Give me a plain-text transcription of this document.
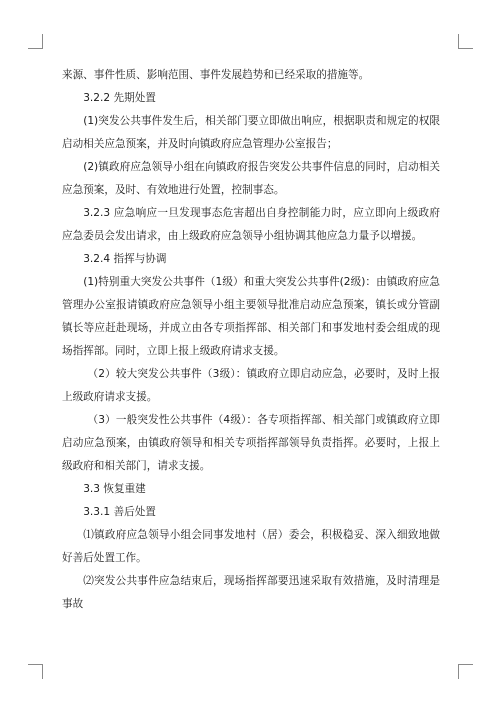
来源、事件性质、影响范围、事件发展趋势和已经采取的措施等。

3.2.2 先期处置

(1)突发公共事件发生后，相关部门要立即做出响应，根据职责和规定的权限启动相关应急预案，并及时向镇政府应急管理办公室报告；

(2)镇政府应急领导小组在向镇政府报告突发公共事件信息的同时，启动相关应急预案，及时、有效地进行处置，控制事态。

3.2.3 应急响应一旦发现事态危害超出自身控制能力时，应立即向上级政府应急委员会发出请求，由上级政府应急领导小组协调其他应急力量予以增援。

3.2.4 指挥与协调

(1)特别重大突发公共事件（1级）和重大突发公共事件(2级)：由镇政府应急管理办公室报请镇政府应急领导小组主要领导批准启动应急预案，镇长或分管副镇长等应赶赴现场，并成立由各专项指挥部、相关部门和事发地村委会组成的现场指挥部。同时，立即上报上级政府请求支援。

（2）较大突发公共事件（3级）：镇政府立即启动应急，必要时，及时上报上级政府请求支援。

（3）一般突发性公共事件（4级）：各专项指挥部、相关部门或镇政府立即启动应急预案，由镇政府领导和相关专项指挥部领导负责指挥。必要时，上报上级政府和相关部门，请求支援。

3.3 恢复重建

3.3.1 善后处置

⑴镇政府应急领导小组会同事发地村（居）委会，积极稳妥、深入细致地做好善后处置工作。

⑵突发公共事件应急结束后，现场指挥部要迅速采取有效措施，及时清理是事故
